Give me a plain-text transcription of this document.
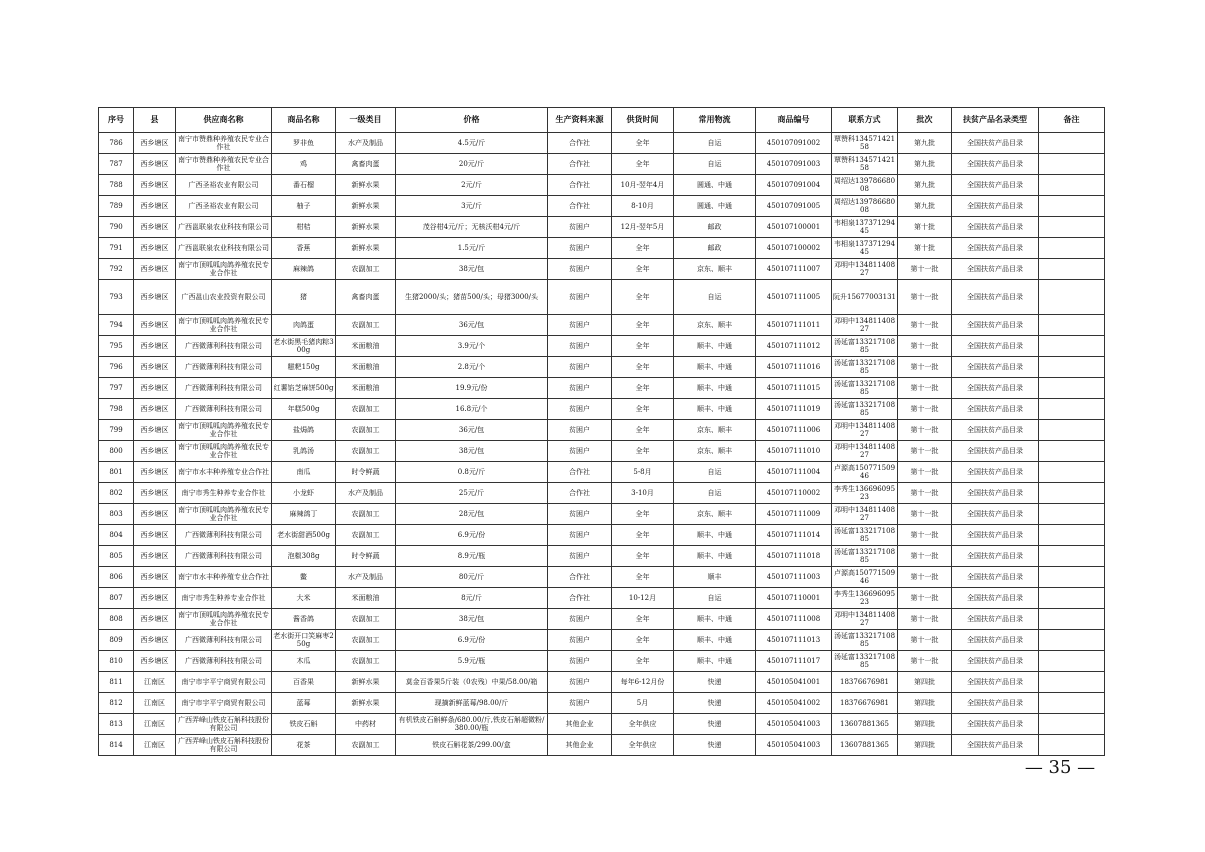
序号	县	供应商名称	商品名称	一级类目	价格	生产资料来源	供货时间	常用物流	商品编号	联系方式	批次	扶贫产品名录类型	备注
786	西乡塘区	南宁市赞鼎种养殖农民专业合作社	罗非鱼	水产及制品	4.5元/斤	合作社	全年	自运	450107091002	覃赞科13457142158	第九批	全国扶贫产品目录	
787	西乡塘区	南宁市赞鼎种养殖农民专业合作社	鸡	禽畜肉蛋	20元/斤	合作社	全年	自运	450107091003	覃赞科13457142158	第九批	全国扶贫产品目录	
788	西乡塘区	广西圣裕农业有限公司	番石榴	新鲜水果	2元/斤	合作社	10月-翌年4月	圆通、中通	450107091004	周绍达13978668008	第九批	全国扶贫产品目录	
789	西乡塘区	广西圣裕农业有限公司	柚子	新鲜水果	3元/斤	合作社	8-10月	圆通、中通	450107091005	周绍达13978668008	第九批	全国扶贫产品目录	
790	西乡塘区	广西邕联泉农业科技有限公司	柑桔	新鲜水果	茂谷柑4元/斤；无核沃柑4元/斤	贫困户	12月-翌年5月	邮政	450107100001	韦相泉13737129445	第十批	全国扶贫产品目录	
791	西乡塘区	广西邕联泉农业科技有限公司	香蕉	新鲜水果	1.5元/斤	贫困户	全年	邮政	450107100002	韦相泉13737129445	第十批	全国扶贫产品目录	
792	西乡塘区	南宁市顶呱呱肉鸽养殖农民专业合作社	麻辣鸽	农副加工	38元/包	贫困户	全年	京东、顺丰	450107111007	邓明中13481140827	第十一批	全国扶贫产品目录	
793	西乡塘区	广西邕山农业投资有限公司	猪	禽畜肉蛋	生猪2000/头；猪苗500/头；母猪3000/头	贫困户	全年	自运	450107111005	阮升15677003131	第十一批	全国扶贫产品目录	
794	西乡塘区	南宁市顶呱呱肉鸽养殖农民专业合作社	肉鸽蛋	农副加工	36元/包	贫困户	全年	京东、顺丰	450107111011	邓明中13481140827	第十一批	全国扶贫产品目录	
795	西乡塘区	广西微薄利科技有限公司	老水街黑毛猪肉粽300g	米面粮油	3.9元/个	贫困户	全年	顺丰、中通	450107111012	汤延富13321710885	第十一批	全国扶贫产品目录	
796	西乡塘区	广西微薄利科技有限公司	糍粑150g	米面粮油	2.8元/个	贫困户	全年	顺丰、中通	450107111016	汤延富13321710885	第十一批	全国扶贫产品目录	
797	西乡塘区	广西微薄利科技有限公司	红薯馅芝麻饼500g	米面粮油	19.9元/份	贫困户	全年	顺丰、中通	450107111015	汤延富13321710885	第十一批	全国扶贫产品目录	
798	西乡塘区	广西微薄利科技有限公司	年糕500g	农副加工	16.8元/个	贫困户	全年	顺丰、中通	450107111019	汤延富13321710885	第十一批	全国扶贫产品目录	
799	西乡塘区	南宁市顶呱呱肉鸽养殖农民专业合作社	盐焗鸽	农副加工	36元/包	贫困户	全年	京东、顺丰	450107111006	邓明中13481140827	第十一批	全国扶贫产品目录	
800	西乡塘区	南宁市顶呱呱肉鸽养殖农民专业合作社	乳鸽汤	农副加工	38元/包	贫困户	全年	京东、顺丰	450107111010	邓明中13481140827	第十一批	全国扶贫产品目录	
801	西乡塘区	南宁市水丰种养殖专业合作社	南瓜	时令鲜蔬	0.8元/斤	合作社	5-8月	自运	450107111004	卢源高15077150946	第十一批	全国扶贫产品目录	
802	西乡塘区	南宁市秀生种养专业合作社	小龙虾	水产及制品	25元/斤	合作社	3-10月	自运	450107110002	李秀生13669609523	第十一批	全国扶贫产品目录	
803	西乡塘区	南宁市顶呱呱肉鸽养殖农民专业合作社	麻辣鸽丁	农副加工	28元/包	贫困户	全年	京东、顺丰	450107111009	邓明中13481140827	第十一批	全国扶贫产品目录	
804	西乡塘区	广西微薄利科技有限公司	老水街甜酒500g	农副加工	6.9元/份	贫困户	全年	顺丰、中通	450107111014	汤延富13321710885	第十一批	全国扶贫产品目录	
805	西乡塘区	广西微薄利科技有限公司	泡椒308g	时令鲜蔬	8.9元/瓶	贫困户	全年	顺丰、中通	450107111018	汤延富13321710885	第十一批	全国扶贫产品目录	
806	西乡塘区	南宁市水丰种养殖专业合作社	鳖	水产及制品	80元/斤	合作社	全年	顺丰	450107111003	卢源高15077150946	第十一批	全国扶贫产品目录	
807	西乡塘区	南宁市秀生种养专业合作社	大米	米面粮油	8元/斤	合作社	10-12月	自运	450107110001	李秀生13669609523	第十一批	全国扶贫产品目录	
808	西乡塘区	南宁市顶呱呱肉鸽养殖农民专业合作社	酱香鸽	农副加工	38元/包	贫困户	全年	顺丰、中通	450107111008	邓明中13481140827	第十一批	全国扶贫产品目录	
809	西乡塘区	广西微薄利科技有限公司	老水街开口笑麻枣250g	农副加工	6.9元/份	贫困户	全年	顺丰、中通	450107111013	汤延富13321710885	第十一批	全国扶贫产品目录	
810	西乡塘区	广西微薄利科技有限公司	木瓜	农副加工	5.9元/瓶	贫困户	全年	顺丰、中通	450107111017	汤延富13321710885	第十一批	全国扶贫产品目录	
811	江南区	南宁市宇平宁商贸有限公司	百香果	新鲜水果	莫金百香果5斤装（0农残）中果/58.00/箱	贫困户	每年6-12月份	快递	450105041001	18376676981	第四批	全国扶贫产品目录	
812	江南区	南宁市宇平宁商贸有限公司	蓝莓	新鲜水果	现摘新鲜蓝莓/98.00/斤	贫困户	5月	快递	450105041002	18376676981	第四批	全国扶贫产品目录	
813	江南区	广西弄峰山铁皮石斛科技股份有限公司	铁皮石斛	中药材	有机铁皮石斛鲜条/680.00/斤,铁皮石斛超微粉/380.00/瓶	其他企业	全年供应	快递	450105041003	13607881365	第四批	全国扶贫产品目录	
814	江南区	广西弄峰山铁皮石斛科技股份有限公司	花茶	农副加工	铁皮石斛花茶/299.00/盒	其他企业	全年供应	快递	450105041003	13607881365	第四批	全国扶贫产品目录	
— 35 —
